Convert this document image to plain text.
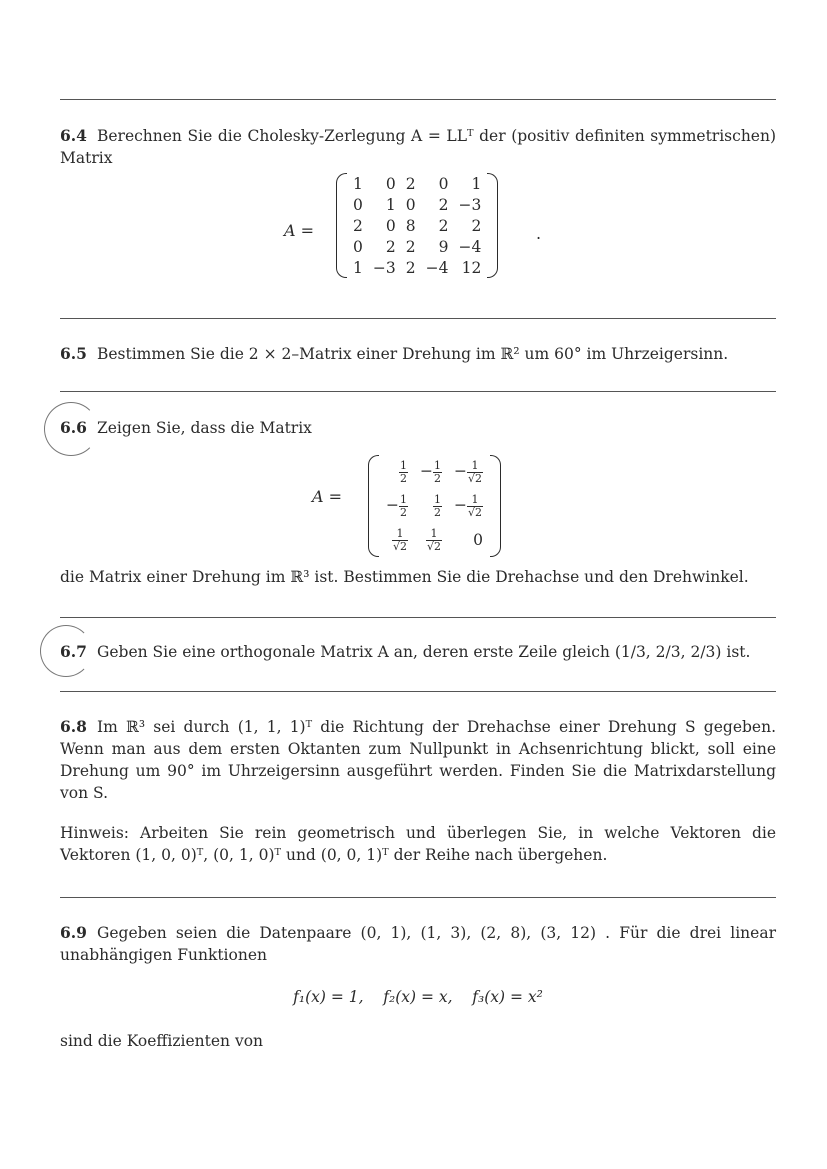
6.4 Berechnen Sie die Cholesky-Zerlegung A = LLᵀ der (positiv definiten symmetrischen) Matrix
A =
1	0	2	0	1
0	1	0	2	−3
2	0	8	2	2
0	2	2	9	−4
1	−3	2	−4	12
.
6.5 Bestimmen Sie die 2 × 2–Matrix einer Drehung im ℝ² um 60° im Uhrzeigersinn.
6.6 Zeigen Sie, dass die Matrix
A =
$\frac{1}{2}$	− $\frac{1}{2}$	− $\frac{1}{√2}$

− $\frac{1}{2}$	$\frac{1}{2}$	− $\frac{1}{√2}$

$\frac{1}{√2}$	$\frac{1}{√2}$	0
die Matrix einer Drehung im ℝ³ ist. Bestimmen Sie die Drehachse und den Drehwinkel.
6.7 Geben Sie eine orthogonale Matrix A an, deren erste Zeile gleich (1/3, 2/3, 2/3) ist.
6.8 Im ℝ³ sei durch (1, 1, 1)ᵀ die Richtung der Drehachse einer Drehung S gegeben. Wenn man aus dem ersten Oktanten zum Nullpunkt in Achsenrichtung blickt, soll eine Drehung um 90° im Uhrzeigersinn ausgeführt werden. Finden Sie die Matrixdarstellung von S.
Hinweis: Arbeiten Sie rein geometrisch und überlegen Sie, in welche Vektoren die Vektoren (1, 0, 0)ᵀ, (0, 1, 0)ᵀ und (0, 0, 1)ᵀ der Reihe nach übergehen.
6.9 Gegeben seien die Datenpaare (0, 1), (1, 3), (2, 8), (3, 12) . Für die drei linear unabhängigen Funktionen
f₁(x) = 1,    f₂(x) = x,    f₃(x) = x²
sind die Koeffizienten von
